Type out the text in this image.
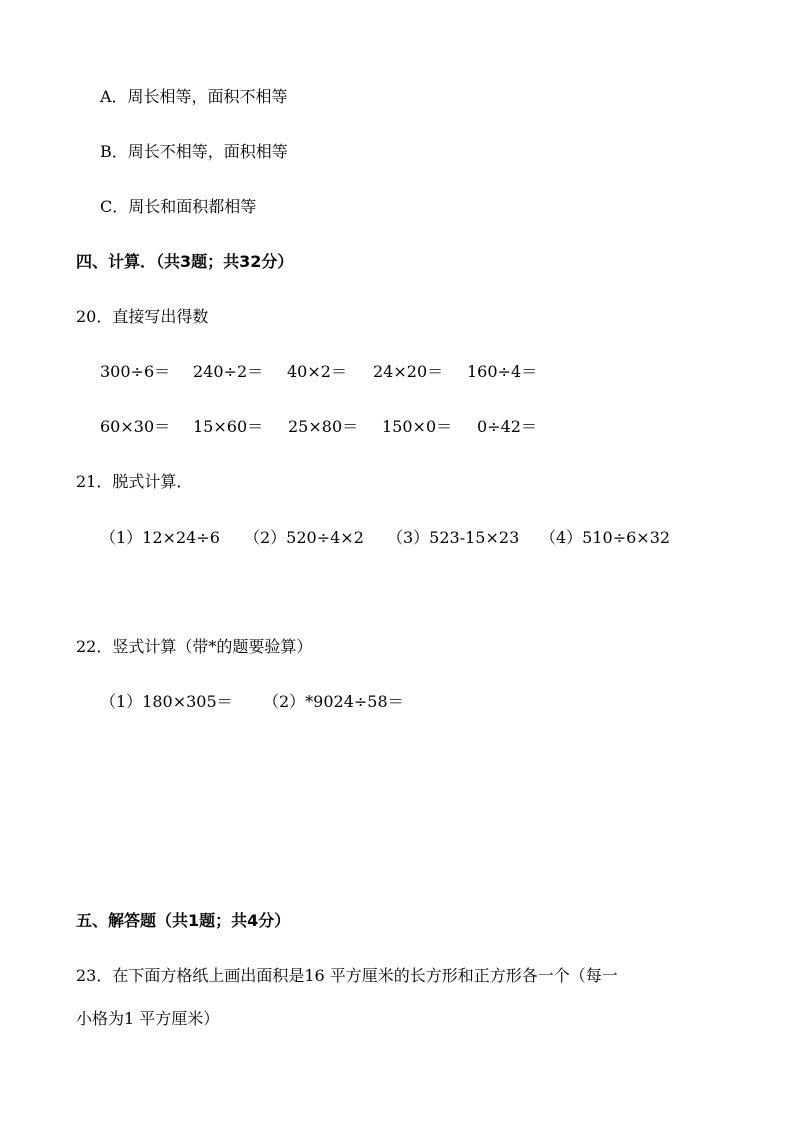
A．周长相等，面积不相等
B．周长不相等，面积相等
C．周长和面积都相等
四、计算．（共3题；共32分）
20．直接写出得数
300÷6＝ 240÷2＝ 40×2＝ 24×20＝ 160÷4＝
60×30＝ 15×60＝ 25×80＝ 150×0＝ 0÷42＝
21．脱式计算．
（1）12×24÷6 （2）520÷4×2 （3）523-15×23 （4）510÷6×32
22．竖式计算（带*的题要验算）
（1）180×305＝ （2）*9024÷58＝
五、解答题（共1题；共4分）
23．在下面方格纸上画出面积是16 平方厘米的长方形和正方形各一个（每一
小格为1 平方厘米）
